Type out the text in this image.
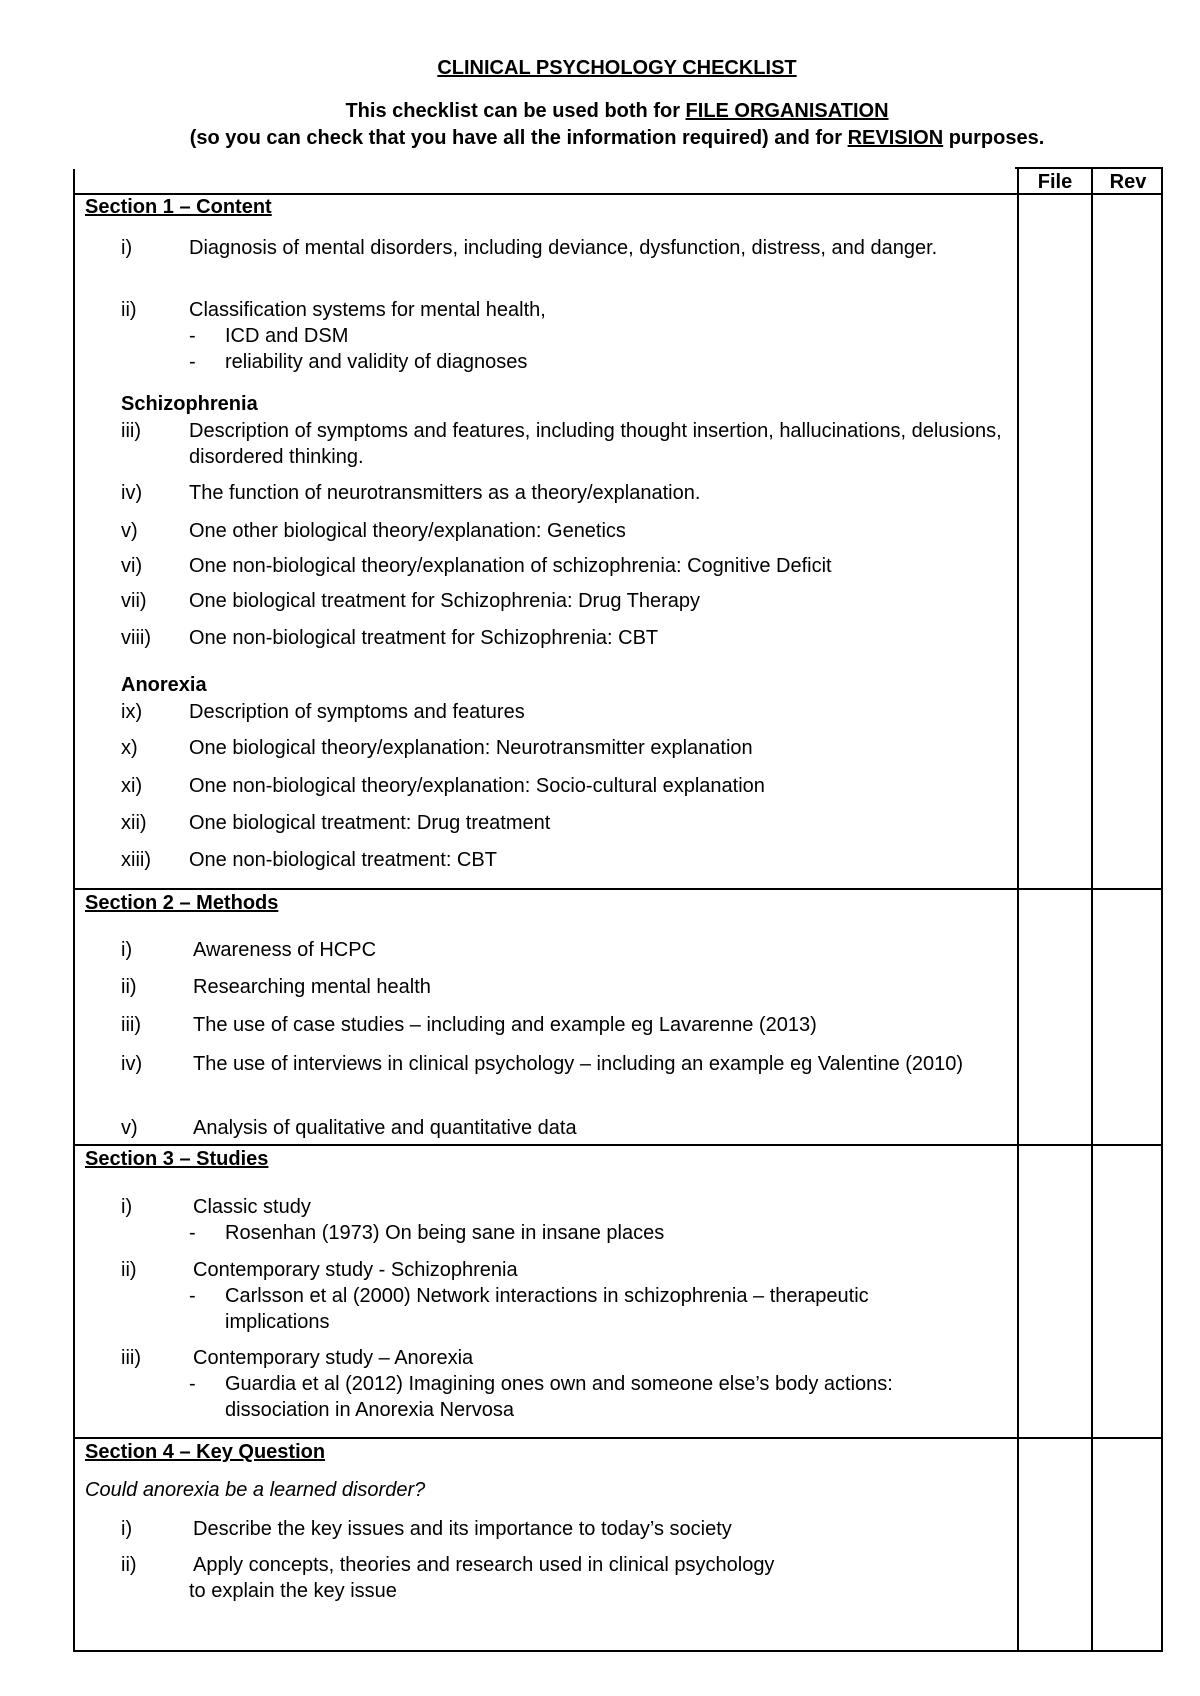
CLINICAL PSYCHOLOGY CHECKLIST
This checklist can be used both for FILE ORGANISATION
(so you can check that you have all the information required) and for REVISION purposes.
File	Rev
Section 1 – Content
i)	Diagnosis of mental disorders, including deviance, dysfunction, distress, and danger.
ii)	Classification systems for mental health,
-	ICD and DSM
-	reliability and validity of diagnoses
Schizophrenia
iii) Description of symptoms and features, including thought insertion, hallucinations, delusions, disordered thinking.
iv) The function of neurotransmitters as a theory/explanation.
v)	One other biological theory/explanation: Genetics
vi) One non-biological theory/explanation of schizophrenia: Cognitive Deficit
vii) One biological treatment for Schizophrenia: Drug Therapy
viii) One non-biological treatment for Schizophrenia: CBT
Anorexia
ix) Description of symptoms and features
x)	One biological theory/explanation: Neurotransmitter explanation
xi) One non-biological theory/explanation: Socio-cultural explanation
xii) One biological treatment: Drug treatment
xiii) One non-biological treatment: CBT
Section 2 – Methods
i)	Awareness of HCPC
ii)	Researching mental health
iii)	The use of case studies – including and example eg Lavarenne (2013)
iv)	The use of interviews in clinical psychology – including an example eg Valentine (2010)
v)	Analysis of qualitative and quantitative data
Section 3 – Studies
i)	Classic study
-	Rosenhan (1973) On being sane in insane places
ii)	Contemporary study - Schizophrenia
-	Carlsson et al (2000) Network interactions in schizophrenia – therapeutic implications
iii)	Contemporary study – Anorexia
-	Guardia et al (2012) Imagining ones own and someone else’s body actions: dissociation in Anorexia Nervosa
Section 4 – Key Question
Could anorexia be a learned disorder?
i)	Describe the key issues and its importance to today’s society
ii)	Apply concepts, theories and research used in clinical psychology
to explain the key issue
